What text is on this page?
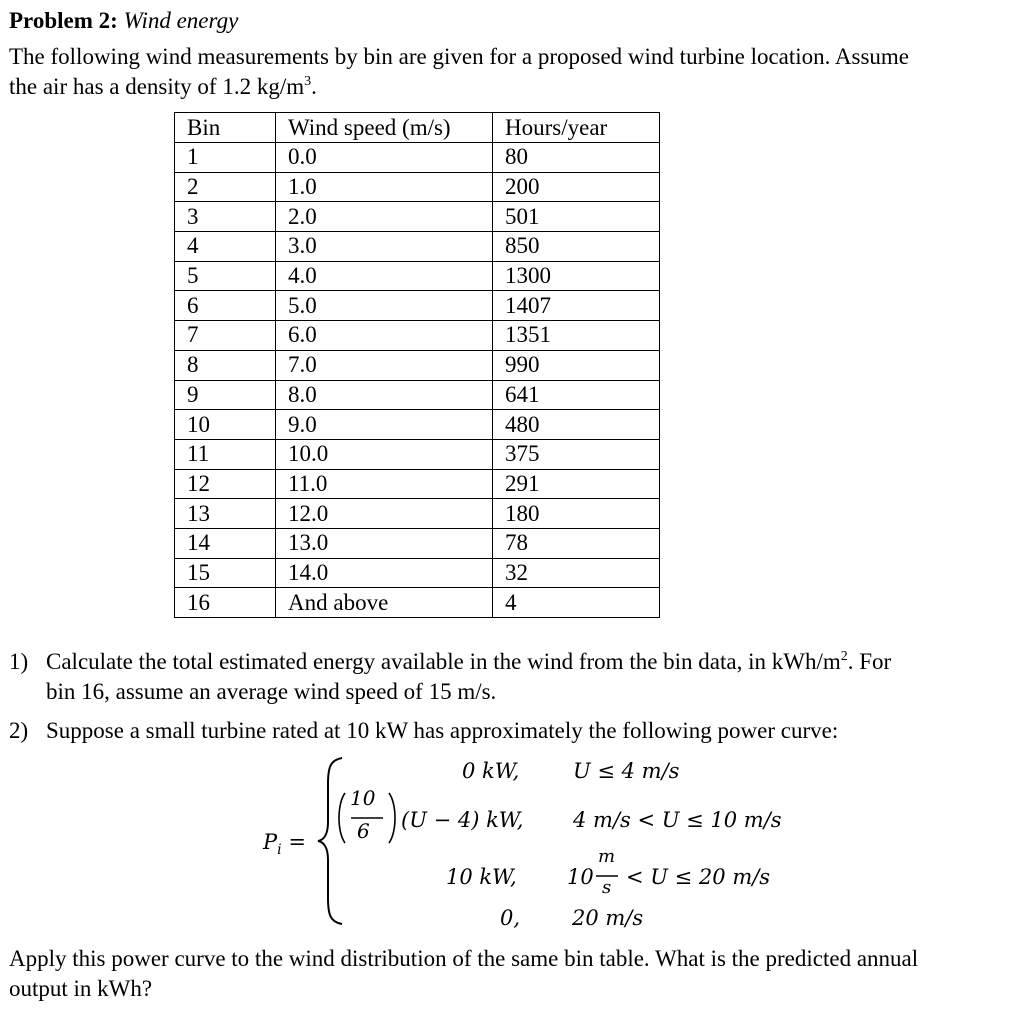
Problem 2: Wind energy
The following wind measurements by bin are given for a proposed wind turbine location. Assume
the air has a density of 1.2 $kg/m^3$.
Bin	Wind speed (m/s)	Hours/year
1	0.0	80
2	1.0	200
3	2.0	501
4	3.0	850
5	4.0	1300
6	5.0	1407
7	6.0	1351
8	7.0	990
9	8.0	641
10	9.0	480
11	10.0	375
12	11.0	291
13	12.0	180
14	13.0	78
15	14.0	32
16	And above	4
1) Calculate the total estimated energy available in the wind from the bin data, in kWh/$m^2$. For
bin 16, assume an average wind speed of 15 m/s.
2) Suppose a small turbine rated at 10 kW has approximately the following power curve:
$P_i$ =
0 kW,	U ≤ 4 m/s
10
6 (U − 4) kW, 4 m/s < U ≤ 10 m/s
10 kW, 10
m
s < U ≤ 20 m/s
0, 20 m/s
Apply this power curve to the wind distribution of the same bin table. What is the predicted annual
output in kWh?
